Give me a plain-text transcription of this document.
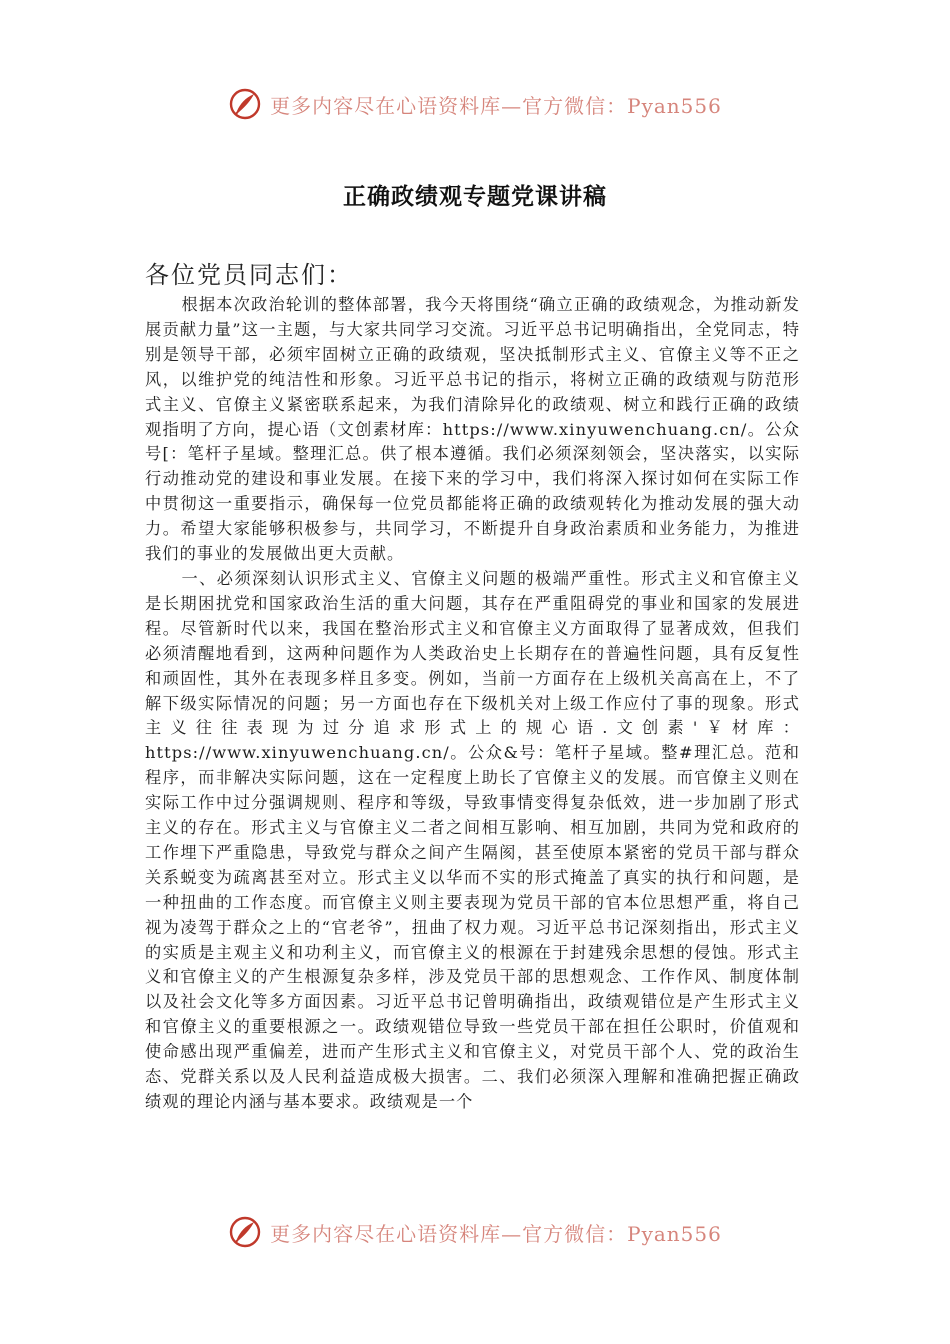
更多内容尽在心语资料库—官方微信：Pyan556
正确政绩观专题党课讲稿
各位党员同志们：

根据本次政治轮训的整体部署，我今天将围绕“确立正确的政绩观念，为推动新发展贡献力量”这一主题，与大家共同学习交流。习近平总书记明确指出，全党同志，特别是领导干部，必须牢固树立正确的政绩观，坚决抵制形式主义、官僚主义等不正之风，以维护党的纯洁性和形象。习近平总书记的指示，将树立正确的政绩观与防范形式主义、官僚主义紧密联系起来，为我们清除异化的政绩观、树立和践行正确的政绩观指明了方向，提心语（文创素材库：https://www.xinyuwenchuang.cn/。公众号[：笔杆子星域。整理汇总。供了根本遵循。我们必须深刻领会，坚决落实，以实际行动推动党的建设和事业发展。在接下来的学习中，我们将深入探讨如何在实际工作中贯彻这一重要指示，确保每一位党员都能将正确的政绩观转化为推动发展的强大动力。希望大家能够积极参与，共同学习，不断提升自身政治素质和业务能力，为推进我们的事业的发展做出更大贡献。

一、必须深刻认识形式主义、官僚主义问题的极端严重性。形式主义和官僚主义是长期困扰党和国家政治生活的重大问题，其存在严重阻碍党的事业和国家的发展进程。尽管新时代以来，我国在整治形式主义和官僚主义方面取得了显著成效，但我们必须清醒地看到，这两种问题作为人类政治史上长期存在的普遍性问题，具有反复性和顽固性，其外在表现多样且多变。例如，当前一方面存在上级机关高高在上，不了解下级实际情况的问题；另一方面也存在下级机关对上级工作应付了事的现象。形式主义往往表现为过分追求形式上的规心语.文创素'￥材库：https://www.xinyuwenchuang.cn/。公众&号：笔杆子星域。整#理汇总。范和程序，而非解决实际问题，这在一定程度上助长了官僚主义的发展。而官僚主义则在实际工作中过分强调规则、程序和等级，导致事情变得复杂低效，进一步加剧了形式主义的存在。形式主义与官僚主义二者之间相互影响、相互加剧，共同为党和政府的工作埋下严重隐患，导致党与群众之间产生隔阂，甚至使原本紧密的党员干部与群众关系蜕变为疏离甚至对立。形式主义以华而不实的形式掩盖了真实的执行和问题，是一种扭曲的工作态度。而官僚主义则主要表现为党员干部的官本位思想严重，将自己视为凌驾于群众之上的“官老爷”，扭曲了权力观。习近平总书记深刻指出，形式主义的实质是主观主义和功利主义，而官僚主义的根源在于封建残余思想的侵蚀。形式主义和官僚主义的产生根源复杂多样，涉及党员干部的思想观念、工作作风、制度体制以及社会文化等多方面因素。习近平总书记曾明确指出，政绩观错位是产生形式主义和官僚主义的重要根源之一。政绩观错位导致一些党员干部在担任公职时，价值观和使命感出现严重偏差，进而产生形式主义和官僚主义，对党员干部个人、党的政治生态、党群关系以及人民利益造成极大损害。二、我们必须深入理解和准确把握正确政绩观的理论内涵与基本要求。政绩观是一个

更多内容尽在心语资料库—官方微信：Pyan556
